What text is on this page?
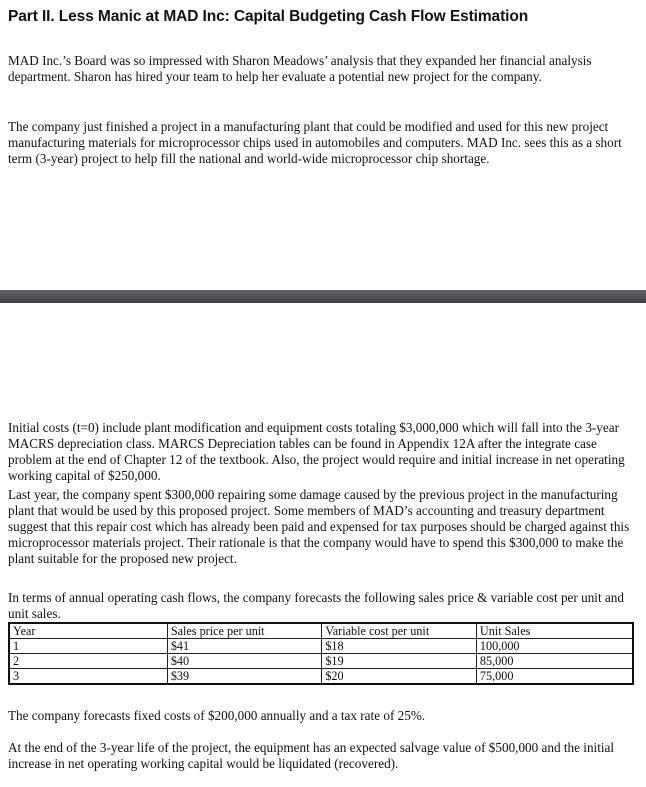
Part II. Less Manic at MAD Inc: Capital Budgeting Cash Flow Estimation

MAD Inc.’s Board was so impressed with Sharon Meadows’ analysis that they expanded her financial analysis department. Sharon has hired your team to help her evaluate a potential new project for the company.

The company just finished a project in a manufacturing plant that could be modified and used for this new project manufacturing materials for microprocessor chips used in automobiles and computers. MAD Inc. sees this as a short term (3-year) project to help fill the national and world-wide microprocessor chip shortage.

Initial costs (t=0) include plant modification and equipment costs totaling $3,000,000 which will fall into the 3-year MACRS depreciation class. MARCS Depreciation tables can be found in Appendix 12A after the integrate case problem at the end of Chapter 12 of the textbook. Also, the project would require and initial increase in net operating working capital of $250,000.

Last year, the company spent $300,000 repairing some damage caused by the previous project in the manufacturing plant that would be used by this proposed project. Some members of MAD’s accounting and treasury department suggest that this repair cost which has already been paid and expensed for tax purposes should be charged against this microprocessor materials project. Their rationale is that the company would have to spend this $300,000 to make the plant suitable for the proposed new project.

In terms of annual operating cash flows, the company forecasts the following sales price & variable cost per unit and unit sales.

Year	Sales price per unit	Variable cost per unit	Unit Sales
1	$41	$18	100,000
2	$40	$19	85,000
3	$39	$20	75,000

The company forecasts fixed costs of $200,000 annually and a tax rate of 25%.

At the end of the 3-year life of the project, the equipment has an expected salvage value of $500,000 and the initial increase in net operating working capital would be liquidated (recovered).
